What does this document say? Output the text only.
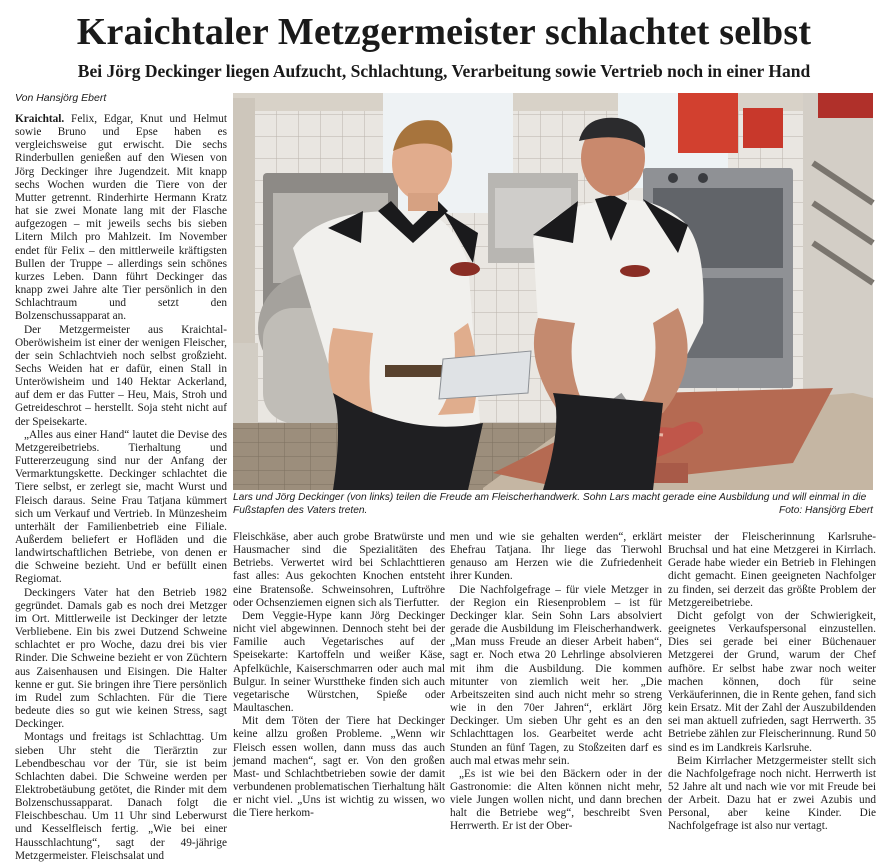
Kraichtaler Metzgermeister schlachtet selbst
Bei Jörg Deckinger liegen Aufzucht, Schlachtung, Verarbeitung sowie Vertrieb noch in einer Hand
Von Hansjörg Ebert

Kraichtal. Felix, Edgar, Knut und Helmut sowie Bruno und Epse haben es vergleichsweise gut erwischt. Die sechs Rinderbullen genießen auf den Wiesen von Jörg Deckinger ihre Jugendzeit. Mit knapp sechs Wochen wurden die Tiere von der Mutter getrennt. Rinderhirte Hermann Kratz hat sie zwei Monate lang mit der Flasche aufgezogen – mit jeweils sechs bis sieben Litern Milch pro Mahlzeit. Im November endet für Felix – den mittlerweile kräftigsten Bullen der Truppe – allerdings sein schönes kurzes Leben. Dann führt Deckinger das knapp zwei Jahre alte Tier persönlich in den Schlachtraum und setzt den Bolzenschussapparat an.

Der Metzgermeister aus Kraichtal-Oberöwisheim ist einer der wenigen Fleischer, der sein Schlachtvieh noch selbst großzieht. Sechs Weiden hat er dafür, einen Stall in Unteröwisheim und 140 Hektar Ackerland, auf dem er das Futter – Heu, Mais, Stroh und Getreideschrot – herstellt. Soja steht nicht auf der Speisekarte.

„Alles aus einer Hand“ lautet die Devise des Metzgereibetriebs. Tierhaltung und Futtererzeugung sind nur der Anfang der Vermarktungskette. Deckinger schlachtet die Tiere selbst, er zerlegt sie, macht Wurst und Fleisch daraus. Seine Frau Tatjana kümmert sich um Verkauf und Vertrieb. In Münzesheim unterhält der Familienbetrieb eine Filiale. Außerdem beliefert er Hofläden und die landwirtschaftlichen Betriebe, von denen er die Schweine bezieht. Und er befüllt einen Regiomat.

Deckingers Vater hat den Betrieb 1982 gegründet. Damals gab es noch drei Metzger im Ort. Mittlerweile ist Deckinger der letzte Verbliebene. Ein bis zwei Dutzend Schweine schlachtet er pro Woche, dazu drei bis vier Rinder. Die Schweine bezieht er von Züchtern aus Zaisenhausen und Eisingen. Die Halter kenne er gut. Sie bringen ihre Tiere persönlich im Rudel zum Schlachten. Für die Tiere bedeute dies so gut wie keinen Stress, sagt Deckinger.

Montags und freitags ist Schlachttag. Um sieben Uhr steht die Tierärztin zur Lebendbeschau vor der Tür, sie ist beim Schlachten dabei. Die Schweine werden per Elektrobetäubung getötet, die Rinder mit dem Bolzenschussapparat. Danach folgt die Fleischbeschau. Um 11 Uhr sind Leberwurst und Kesselfleisch fertig. „Wie bei einer Hausschlachtung“, sagt der 49-jährige Metzgermeister. Fleischsalat und

Lars und Jörg Deckinger (von links) teilen die Freude am Fleischerhandwerk. Sohn Lars macht gerade eine Ausbildung und will einmal in die Fußstapfen des Vaters treten.	Foto: Hansjörg Ebert

Fleischkäse, aber auch grobe Bratwürste und Hausmacher sind die Spezialitäten des Betriebs. Verwertet wird bei Schlachttieren fast alles: Aus gekochten Knochen entsteht eine Bratensoße. Schweinsohren, Luftröhre oder Ochsenziemen eignen sich als Tierfutter.

Dem Veggie-Hype kann Jörg Deckinger nicht viel abgewinnen. Dennoch steht bei der Familie auch Vegetarisches auf der Speisekarte: Kartoffeln und weißer Käse, Apfelküchle, Kaiserschmarren oder auch mal Bulgur. In seiner Wursttheke finden sich auch vegetarische Würstchen, Spieße oder Maultaschen.

Mit dem Töten der Tiere hat Deckinger keine allzu großen Probleme. „Wenn wir Fleisch essen wollen, dann muss das auch jemand machen“, sagt er. Von den großen Mast- und Schlachtbetrieben sowie der damit verbundenen problematischen Tierhaltung hält er nicht viel. „Uns ist wichtig zu wissen, wo die Tiere herkom-

men und wie sie gehalten werden“, erklärt Ehefrau Tatjana. Ihr liege das Tierwohl genauso am Herzen wie die Zufriedenheit ihrer Kunden.

Die Nachfolgefrage – für viele Metzger in der Region ein Riesenproblem – ist für Deckinger klar. Sein Sohn Lars absolviert gerade die Ausbildung im Fleischerhandwerk. „Man muss Freude an dieser Arbeit haben“, sagt er. Noch etwa 20 Lehrlinge absolvieren mit ihm die Ausbildung. Die kommen mitunter von ziemlich weit her. „Die Arbeitszeiten sind auch nicht mehr so streng wie in den 70er Jahren“, erklärt Jörg Deckinger. Um sieben Uhr geht es an den Schlachttagen los. Gearbeitet werde acht Stunden an fünf Tagen, zu Stoßzeiten darf es auch mal etwas mehr sein.

„Es ist wie bei den Bäckern oder in der Gastronomie: die Alten können nicht mehr, viele Jungen wollen nicht, und dann brechen halt die Betriebe weg“, beschreibt Sven Herrwerth. Er ist der Ober-

meister der Fleischerinnung Karlsruhe-Bruchsal und hat eine Metzgerei in Kirrlach. Gerade habe wieder ein Betrieb in Flehingen dicht gemacht. Einen geeigneten Nachfolger zu finden, sei derzeit das größte Problem der Metzgereibetriebe.

Dicht gefolgt von der Schwierigkeit, geeignetes Verkaufspersonal einzustellen. Dies sei gerade bei einer Büchenauer Metzgerei der Grund, warum der Chef aufhöre. Er selbst habe zwar noch weiter machen können, doch für seine Verkäuferinnen, die in Rente gehen, fand sich kein Ersatz. Mit der Zahl der Auszubildenden sei man aktuell zufrieden, sagt Herrwerth. 35 Betriebe zählen zur Fleischerinnung. Rund 50 sind es im Landkreis Karlsruhe.

Beim Kirrlacher Metzgermeister stellt sich die Nachfolgefrage noch nicht. Herrwerth ist 52 Jahre alt und nach wie vor mit Freude bei der Arbeit. Dazu hat er zwei Azubis und Personal, aber keine Kinder. Die Nachfolgefrage ist also nur vertagt.
